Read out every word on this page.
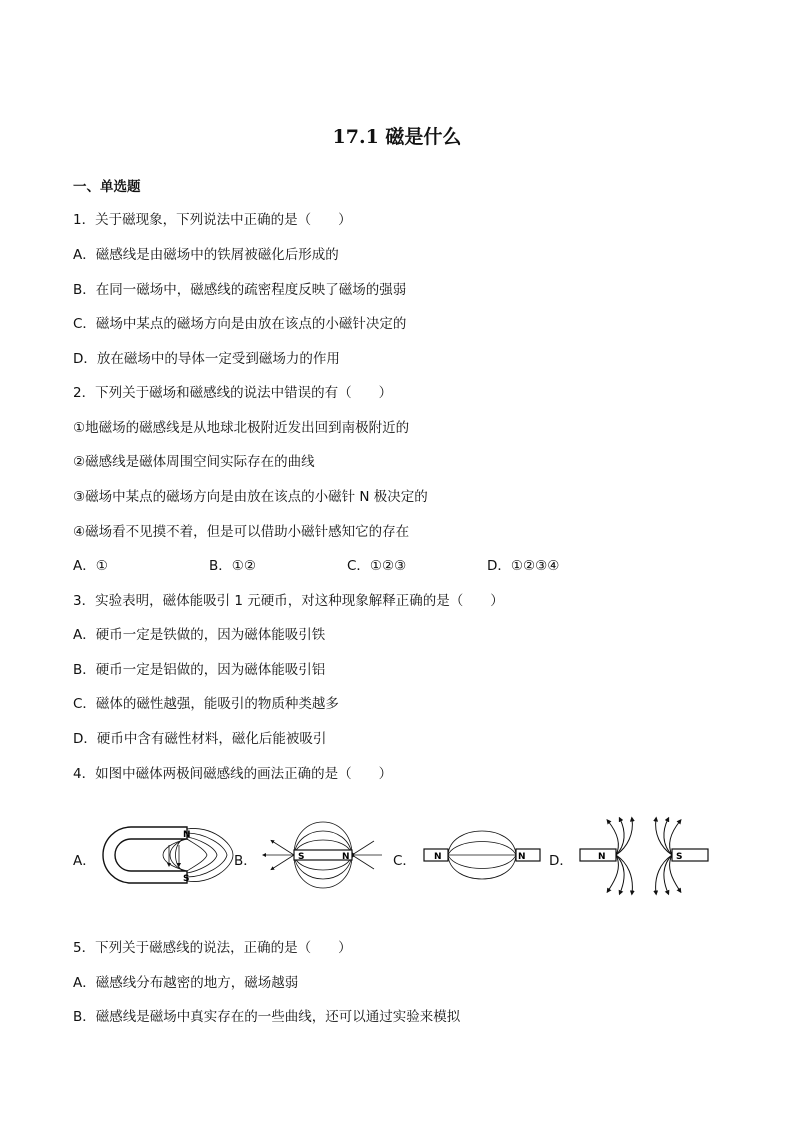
17.1 磁是什么
一、单选题
1．关于磁现象，下列说法中正确的是（　　）
A．磁感线是由磁场中的铁屑被磁化后形成的
B．在同一磁场中，磁感线的疏密程度反映了磁场的强弱
C．磁场中某点的磁场方向是由放在该点的小磁针决定的
D．放在磁场中的导体一定受到磁场力的作用
2．下列关于磁场和磁感线的说法中错误的有（　　）
①地磁场的磁感线是从地球北极附近发出回到南极附近的
②磁感线是磁体周围空间实际存在的曲线
③磁场中某点的磁场方向是由放在该点的小磁针 N 极决定的
④磁场看不见摸不着，但是可以借助小磁针感知它的存在
A．①	B．①②	C．①②③	D．①②③④
3．实验表明，磁体能吸引 1 元硬币，对这种现象解释正确的是（　　）
A．硬币一定是铁做的，因为磁体能吸引铁
B．硬币一定是铝做的，因为磁体能吸引铝
C．磁体的磁性越强，能吸引的物质种类越多
D．硬币中含有磁性材料，磁化后能被吸引
4．如图中磁体两极间磁感线的画法正确的是（　　）
A．	B．	C．	D．
N
S
S	N	N	N	N	S
5．下列关于磁感线的说法，正确的是（　　）
A．磁感线分布越密的地方，磁场越弱
B．磁感线是磁场中真实存在的一些曲线，还可以通过实验来模拟
